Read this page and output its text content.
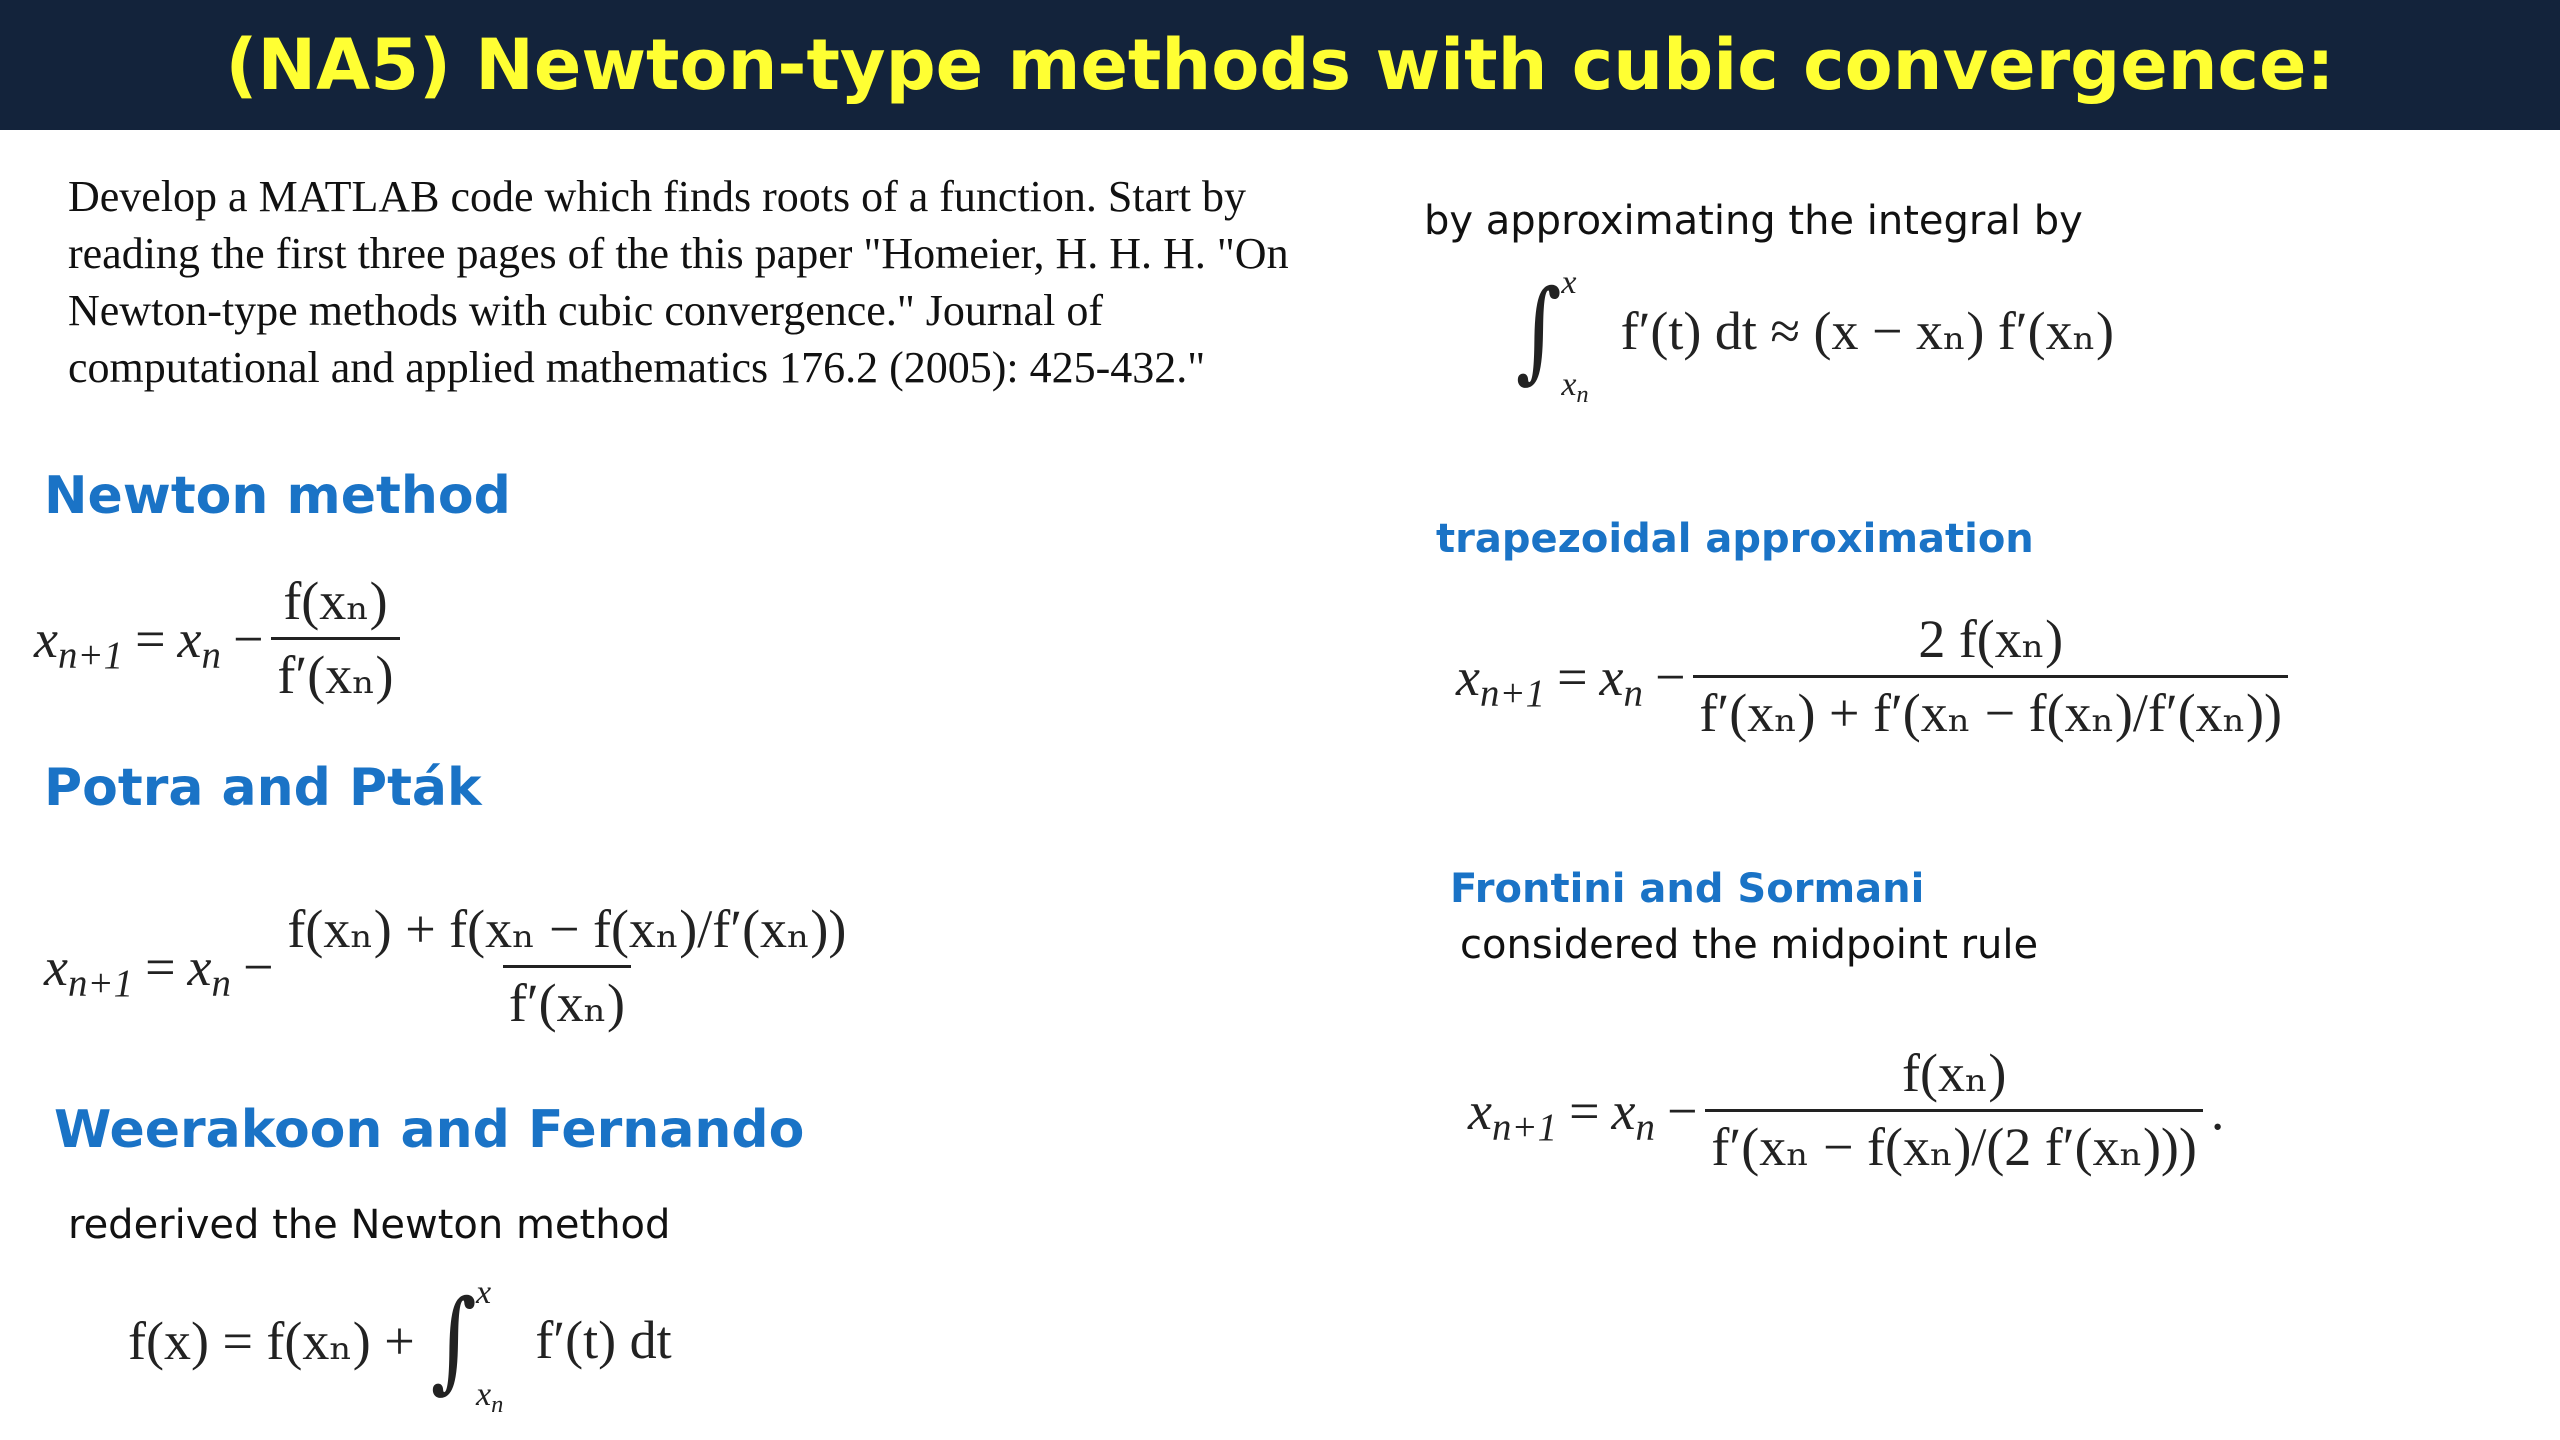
(NA5) Newton-type methods with cubic convergence:
Develop a MATLAB code which finds roots of a function. Start by reading the first three pages of the this paper "Homeier, H. H. H. "On Newton-type methods with cubic convergence." Journal of computational and applied mathematics 176.2 (2005): 425-432."
Newton method
$x_{n+1} = x_n - \frac{\text{f(xₙ)}}{\text{f′(xₙ)}}$
Potra and Pták
$x_{n+1} = x_n - \frac{\text{f(xₙ) + f(xₙ − f(xₙ)/f′(xₙ))}}{\text{f′(xₙ)}}$
Weerakoon and Fernando
rederived the Newton method
f(x) = f(xₙ) + ∫ x
$x_n$
f′(t) dt
by approximating the integral by
∫ x
$x_n$
f′(t) dt ≈ (x − xₙ) f′(xₙ)
trapezoidal approximation
$x_{n+1} = x_n - \frac{\text{2 f(xₙ)}}{\text{f′(xₙ) + f′(xₙ − f(xₙ)/f′(xₙ))}}$
Frontini and Sormani
considered the midpoint rule
$x_{n+1} = x_n - \frac{\text{f(xₙ)}}{\text{f′(xₙ − f(xₙ)/(2 f′(xₙ)))}}$ .
